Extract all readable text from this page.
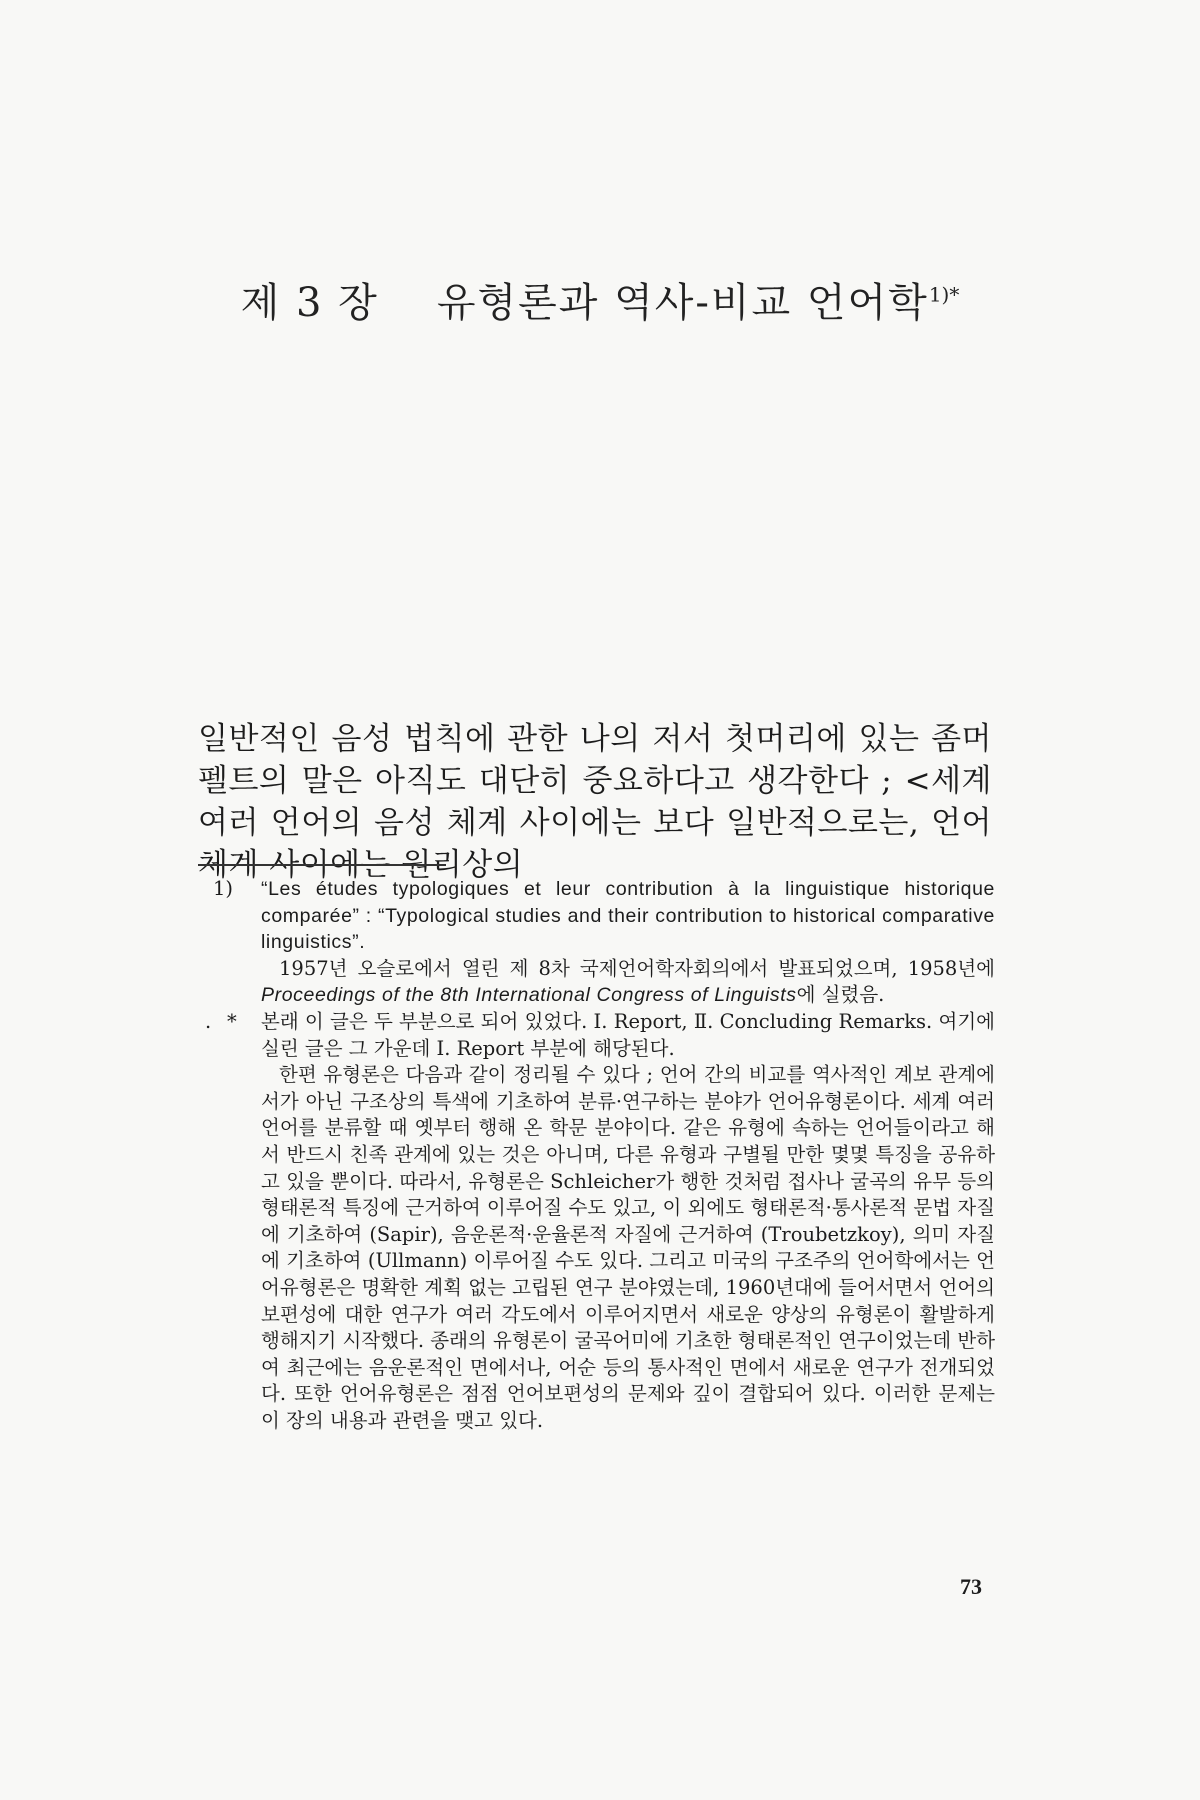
제 3 장 유형론과 역사-비교 언어학$^{1)*}$
일반적인 음성 법칙에 관한 나의 저서 첫머리에 있는 좀머펠트의 말은 아직도 대단히 중요하다고 생각한다 ; <세계 여러 언어의 음성 체계 사이에는 보다 일반적으로는, 언어 체계 사이에는 원리상의
1) “Les études typologiques et leur contribution à la linguistique historique comparée” : “Typological studies and their contribution to historical comparative linguistics”.

1957년 오슬로에서 열린 제 8차 국제언어학자회의에서 발표되었으며, 1958년에 Proceedings of the 8th International Congress of Linguists에 실렸음.

. * 본래 이 글은 두 부분으로 되어 있었다. Ⅰ. Report, Ⅱ. Concluding Remarks. 여기에 실린 글은 그 가운데 Ⅰ. Report 부분에 해당된다.

한편 유형론은 다음과 같이 정리될 수 있다 ; 언어 간의 비교를 역사적인 계보 관계에서가 아닌 구조상의 특색에 기초하여 분류·연구하는 분야가 언어유형론이다. 세계 여러 언어를 분류할 때 옛부터 행해 온 학문 분야이다. 같은 유형에 속하는 언어들이라고 해서 반드시 친족 관계에 있는 것은 아니며, 다른 유형과 구별될 만한 몇몇 특징을 공유하고 있을 뿐이다. 따라서, 유형론은 Schleicher가 행한 것처럼 접사나 굴곡의 유무 등의 형태론적 특징에 근거하여 이루어질 수도 있고, 이 외에도 형태론적·통사론적 문법 자질에 기초하여 (Sapir), 음운론적·운율론적 자질에 근거하여 (Troubetzkoy), 의미 자질에 기초하여 (Ullmann) 이루어질 수도 있다. 그리고 미국의 구조주의 언어학에서는 언어유형론은 명확한 계획 없는 고립된 연구 분야였는데, 1960년대에 들어서면서 언어의 보편성에 대한 연구가 여러 각도에서 이루어지면서 새로운 양상의 유형론이 활발하게 행해지기 시작했다. 종래의 유형론이 굴곡어미에 기초한 형태론적인 연구이었는데 반하여 최근에는 음운론적인 면에서나, 어순 등의 통사적인 면에서 새로운 연구가 전개되었다. 또한 언어유형론은 점점 언어보편성의 문제와 깊이 결합되어 있다. 이러한 문제는 이 장의 내용과 관련을 맺고 있다.

73
